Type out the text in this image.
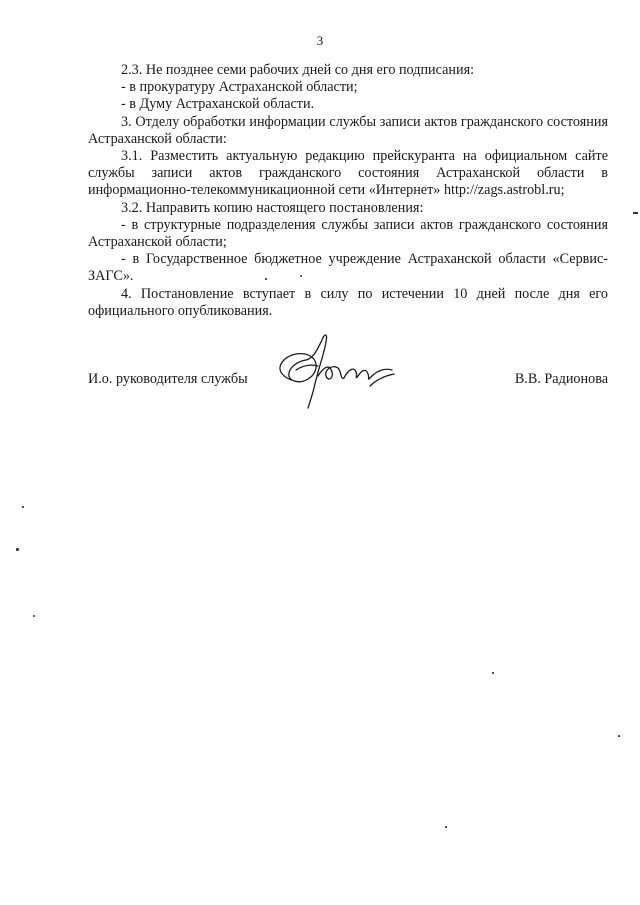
3

2.3. Не позднее семи рабочих дней со дня его подписания:

- в прокуратуру Астраханской области;

- в Думу Астраханской области.

3. Отделу обработки информации службы записи актов гражданского состояния Астраханской области:

3.1. Разместить актуальную редакцию прейскуранта на официальном сайте службы записи актов гражданского состояния Астраханской области в информационно-телекоммуникационной сети «Интернет» http://zags.astrobl.ru;

3.2. Направить копию настоящего постановления:

- в структурные подразделения службы записи актов гражданского состояния Астраханской области;

- в Государственное бюджетное учреждение Астраханской области «Сервис-ЗАГС».

4. Постановление вступает в силу по истечении 10 дней после дня его официального опубликования.

И.о. руководителя службы	В.В. Радионова
